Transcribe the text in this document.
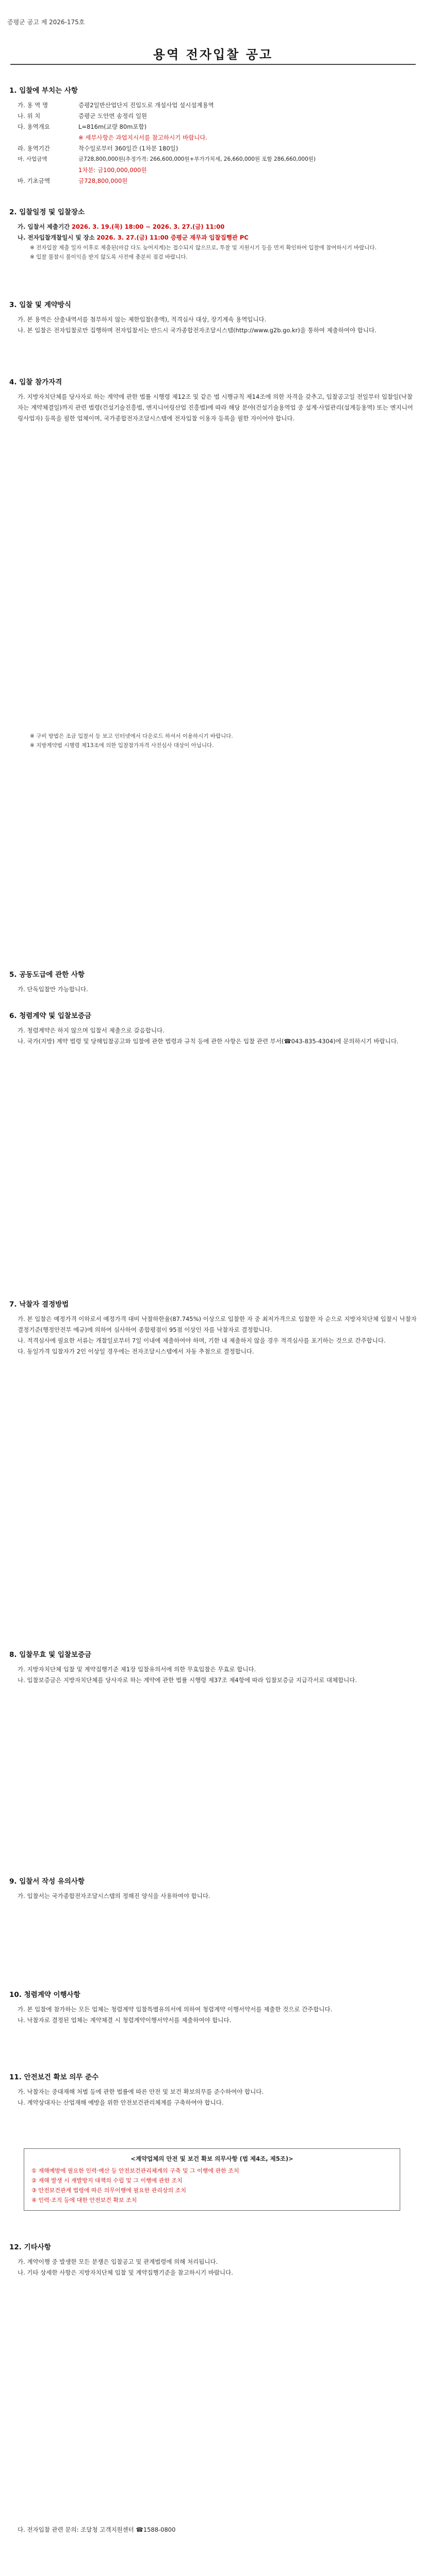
증평군 공고 제 2026-175호
용역 전자입찰 공고
1. 입찰에 부치는 사항
가. 용 역 명	증평2일반산업단지 진입도로 개설사업 설시설계용역
나. 위 치	증평군 도안면 송정리 일원
다. 용역개요	L=816m(교량 80m포함)
※ 세부사항은 과업지시서를 참고하시기 바랍니다.
라. 용역기간	착수일로부터 360일간 (1차분 180일)
마. 사업금액	금728,800,000원(추정가격: 266,600,000원+부가가치세, 26,660,000원 포함 286,660,000원)
1차분: 금100,000,000원
바. 기초금액	금728,800,000원
2. 입찰일정 및 입찰장소
가. 입찰서 제출기간 2026. 3. 19.(목) 18:00 ~ 2026. 3. 27.(금) 11:00
나. 전자입찰개찰일시 및 장소 2026. 3. 27.(금) 11:00 증평군 재무과 입찰집행관 PC
※ 전자입찰 제출 일자 이후로 제출된(마감 다도 늦어지게)는 접수되지 않으므로, 투찰 및 지원시기 등을 먼저 확인하여 입찰에 참여하시기 바랍니다.
※ 입찰 불참시 불이익을 받지 않도록 사전에 충분히 점검 바랍니다.
3. 입찰 및 계약방식
가. 본 용역은 산출내역서를 첨부하지 않는 제한입찰(총액), 적격심사 대상, 장기계속 용역입니다.
나. 본 입찰은 전자입찰로만 집행하며 전자입찰서는 반드시 국가종합전자조달시스템(http://www.g2b.go.kr)을 통하여 제출하여야 합니다.
4. 입찰 참가자격
가. 지방자치단체를 당사자로 하는 계약에 관한 법률 시행령 제12조 및 같은 법 시행규칙 제14조에 의한 자격을 갖추고, 입찰공고일 전일부터 입찰일(낙찰자는 계약체결일)까지 관련 법령(건설기술진흥법, 엔지니어링산업 진흥법)에 따라 해당 분야(건설기술용역업 중 설계·사업관리(설계등용역) 또는 엔지니어링사업자) 등록을 필한 업체이며, 국가종합전자조달시스템에 전자입찰 이용자 등록을 필한 자이어야 합니다.
※ 구비 방법은 조금 입찰서 등 보고 인터넷에서 다운로드 하셔서 이용하시기 바랍니다.
※ 지방계약법 시행령 제13조에 의한 입찰참가자격 사전심사 대상이 아닙니다.
5. 공동도급에 관한 사항
가. 단독입찰만 가능합니다.
6. 청렴계약 및 입찰보증금
가. 청렴계약은 하지 않으며 입찰서 제출으로 갈음합니다.
나. 국가(지방) 계약 법령 및 당해입찰공고와 입찰에 관한 법령과 규칙 등에 관한 사항은 입찰 관련 부서(☎043-835-4304)에 문의하시기 바랍니다.
7. 낙찰자 결정방법
가. 본 입찰은 예정가격 이하로서 예정가격 대비 낙찰하한율(87.745%) 이상으로 입찰한 자 중 최저가격으로 입찰한 자 순으로 지방자치단체 입찰시 낙찰자 결정기준(행정안전부 예규)에 의하여 심사하여 종합평점이 95점 이상인 자를 낙찰자로 결정합니다.
나. 적격심사에 필요한 서류는 개찰일로부터 7일 이내에 제출하여야 하며, 기한 내 제출하지 않을 경우 적격심사를 포기하는 것으로 간주합니다.
다. 동일가격 입찰자가 2인 이상일 경우에는 전자조달시스템에서 자동 추첨으로 결정합니다.
8. 입찰무효 및 입찰보증금
가. 지방자치단체 입찰 및 계약집행기준 제1장 입찰유의서에 의한 무효입찰은 무효로 합니다.
나. 입찰보증금은 지방자치단체를 당사자로 하는 계약에 관한 법률 시행령 제37조 제4항에 따라 입찰보증금 지급각서로 대체합니다.
9. 입찰서 작성 유의사항
가. 입찰서는 국가종합전자조달시스템의 정해진 양식을 사용하여야 합니다.
10. 청렴계약 이행사항
가. 본 입찰에 참가하는 모든 업체는 청렴계약 입찰특별유의서에 의하여 청렴계약 이행서약서를 제출한 것으로 간주합니다.
나. 낙찰자로 결정된 업체는 계약체결 시 청렴계약이행서약서를 제출하여야 합니다.
11. 안전보건 확보 의무 준수
가. 낙찰자는 중대재해 처벌 등에 관한 법률에 따른 안전 및 보건 확보의무를 준수하여야 합니다.
나. 계약상대자는 산업재해 예방을 위한 안전보건관리체계를 구축하여야 합니다.
<계약업체의 안전 및 보건 확보 의무사항 (법 제4조, 제5조)>
① 재해예방에 필요한 인력·예산 등 안전보건관리체계의 구축 및 그 이행에 관한 조치
② 재해 발생 시 재발방지 대책의 수립 및 그 이행에 관한 조치
③ 안전보건관계 법령에 따른 의무이행에 필요한 관리상의 조치
④ 인력·조직 등에 대한 안전보건 확보 조치
12. 기타사항
가. 계약이행 중 발생한 모든 분쟁은 입찰공고 및 관계법령에 의해 처리됩니다.
나. 기타 상세한 사항은 지방자치단체 입찰 및 계약집행기준을 참고하시기 바랍니다.
다. 전자입찰 관련 문의: 조달청 고객지원센터 ☎1588-0800
